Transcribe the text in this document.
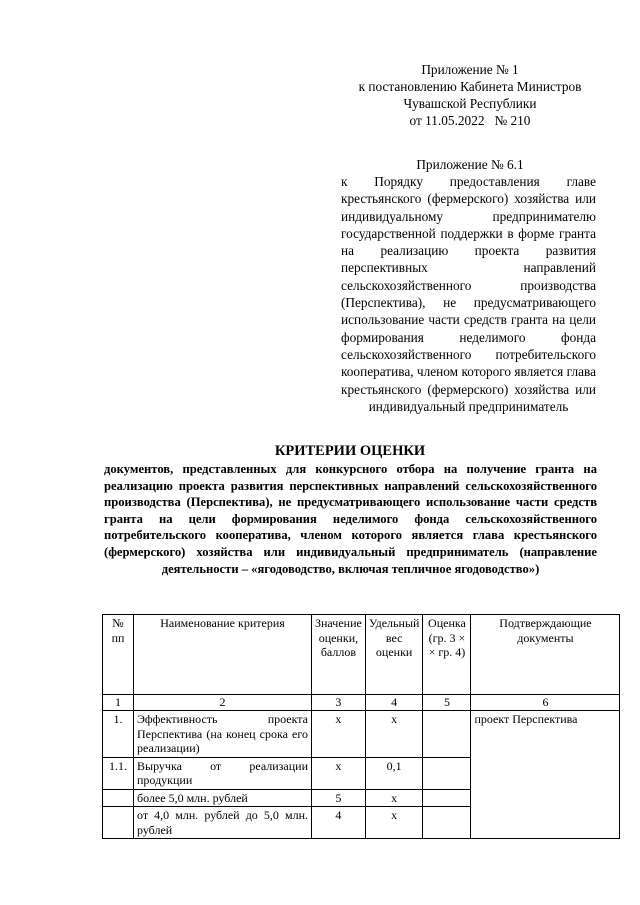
Приложение № 1
к постановлению Кабинета Министров
Чувашской Республики
от 11.05.2022   № 210
Приложение № 6.1
к Порядку предоставления главе крестьянского (фермерского) хозяйства или индивидуальному предпринимателю государственной поддержки в форме гранта на реализацию проекта развития перспективных направлений сельскохозяйственного производства (Перспектива), не предусматривающего использование части средств гранта на цели формирования неделимого фонда сельскохозяйственного потребительского кооператива, членом которого является глава крестьянского (фермерского) хозяйства или индивидуальный предприниматель
КРИТЕРИИ ОЦЕНКИ
документов, представленных для конкурсного отбора на получение гранта на реализацию проекта развития перспективных направлений сельскохозяйственного производства (Перспектива), не предусматривающего использование части средств гранта на цели формирования неделимого фонда сельскохозяйственного потребительского кооператива, членом которого является глава крестьянского (фермерского) хозяйства или индивидуальный предприниматель (направление деятельности – «ягодоводство, включая тепличное ягодоводство»)
№ пп	Наименование критерия	Значение оценки, баллов	Удельный вес оценки	Оценка (гр. 3 × × гр. 4)	Подтверждающие документы
1	2	3	4	5	6
1.	Эффективность проекта Перспектива (на конец срока его реализации)	х	х		проект Перспектива
1.1.	Выручка от реализации продукции	х	0,1		
	более 5,0 млн. рублей	5	х		
	от 4,0 млн. рублей до 5,0 млн. рублей	4	х		
